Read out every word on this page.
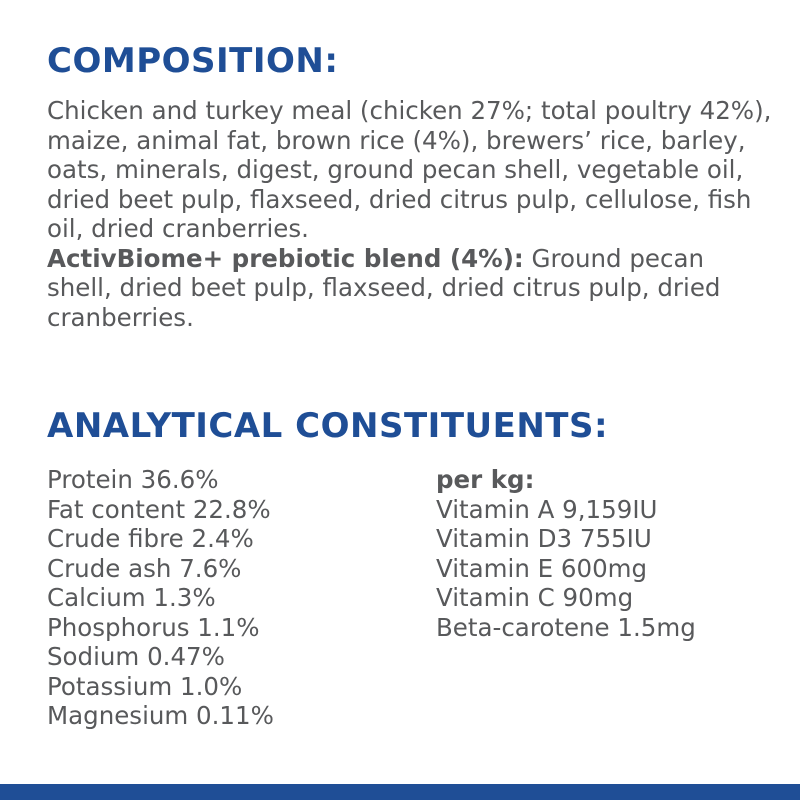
COMPOSITION:

Chicken and turkey meal (chicken 27%; total poultry 42%), maize, animal fat, brown rice (4%), brewers’ rice, barley, oats, minerals, digest, ground pecan shell, vegetable oil, dried beet pulp, flaxseed, dried citrus pulp, cellulose, fish oil, dried cranberries.

ActivBiome+ prebiotic blend (4%): Ground pecan shell, dried beet pulp, flaxseed, dried citrus pulp, dried cranberries.

ANALYTICAL CONSTITUENTS:
Protein 36.6%
Fat content 22.8%
Crude fibre 2.4%
Crude ash 7.6%
Calcium 1.3%
Phosphorus 1.1%
Sodium 0.47%
Potassium 1.0%
Magnesium 0.11%
per kg:
Vitamin A 9,159IU
Vitamin D3 755IU
Vitamin E 600mg
Vitamin C 90mg
Beta-carotene 1.5mg
